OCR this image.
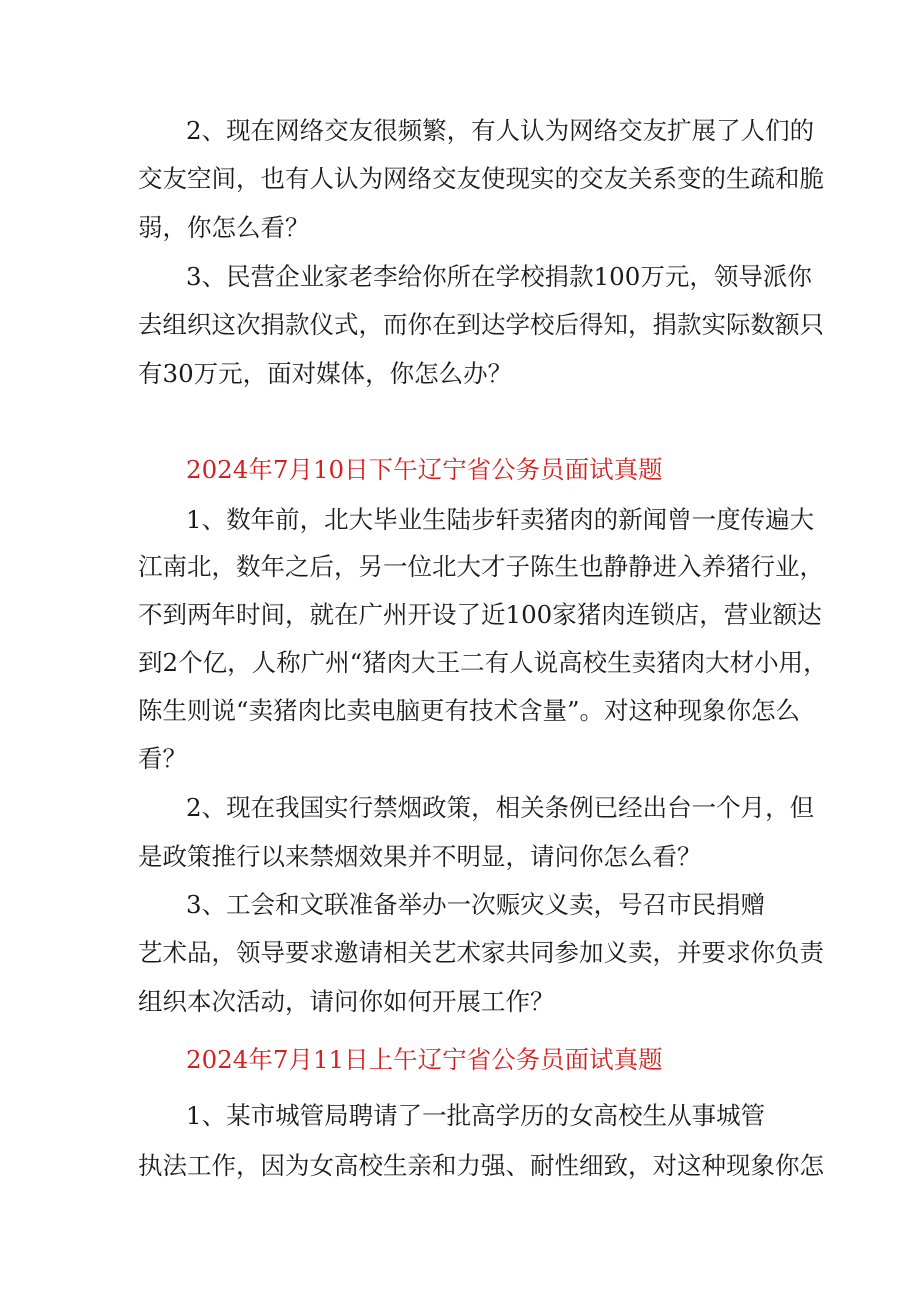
2、现在网络交友很频繁，有人认为网络交友扩展了人们的
交友空间，也有人认为网络交友使现实的交友关系变的生疏和脆
弱，你怎么看？
3、民营企业家老李给你所在学校捐款100万元，领导派你
去组织这次捐款仪式，而你在到达学校后得知，捐款实际数额只
有30万元，面对媒体，你怎么办？
2024年7月10日下午辽宁省公务员面试真题
1、数年前，北大毕业生陆步轩卖猪肉的新闻曾一度传遍大
江南北，数年之后，另一位北大才子陈生也静静进入养猪行业，
不到两年时间，就在广州开设了近100家猪肉连锁店，营业额达
到2个亿，人称广州“猪肉大王二有人说高校生卖猪肉大材小用，
陈生则说“卖猪肉比卖电脑更有技术含量”。对这种现象你怎么
看？
2、现在我国实行禁烟政策，相关条例已经出台一个月，但
是政策推行以来禁烟效果并不明显，请问你怎么看？
3、工会和文联准备举办一次赈灾义卖，号召市民捐赠
艺术品，领导要求邀请相关艺术家共同参加义卖，并要求你负责
组织本次活动，请问你如何开展工作？
2024年7月11日上午辽宁省公务员面试真题
1、某市城管局聘请了一批高学历的女高校生从事城管
执法工作，因为女高校生亲和力强、耐性细致，对这种现象你怎
